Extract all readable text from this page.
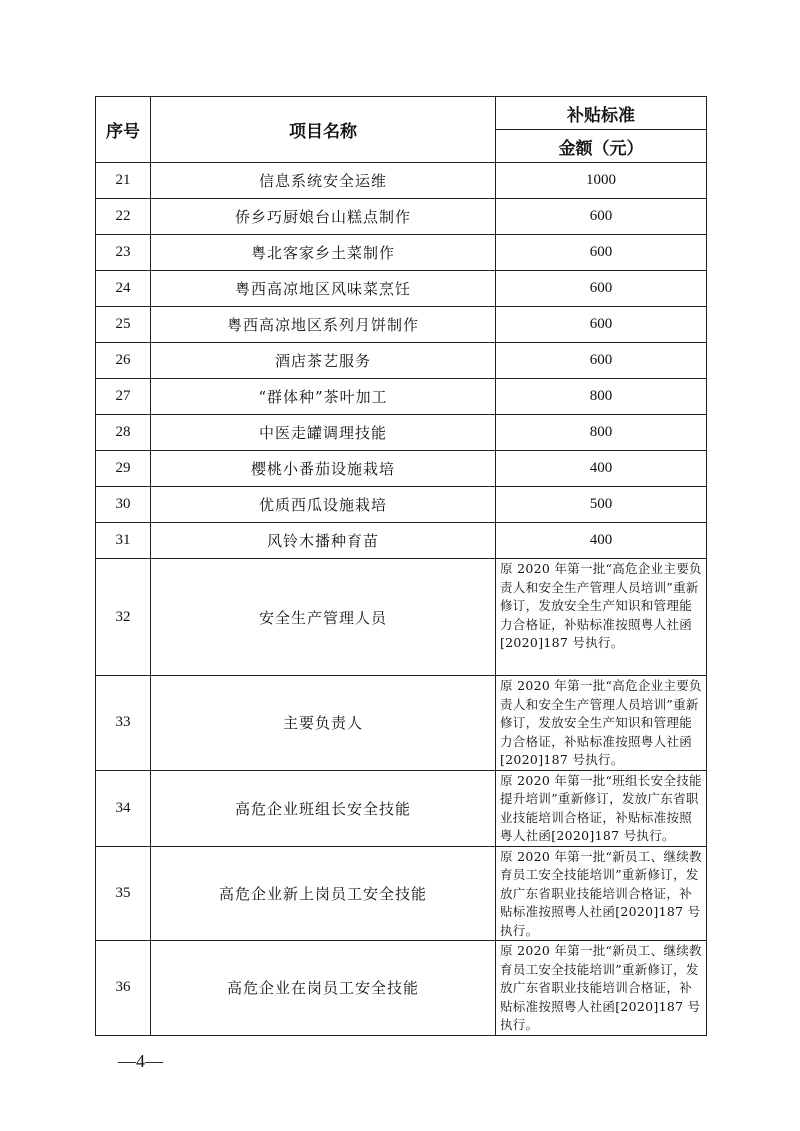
序号	项目名称	补贴标准
		金额（元）
21	信息系统安全运维	1000
22	侨乡巧厨娘台山糕点制作	600
23	粤北客家乡土菜制作	600
24	粤西高凉地区风味菜烹饪	600
25	粤西高凉地区系列月饼制作	600
26	酒店茶艺服务	600
27	“群体种”茶叶加工	800
28	中医走罐调理技能	800
29	樱桃小番茄设施栽培	400
30	优质西瓜设施栽培	500
31	风铃木播种育苗	400
32	安全生产管理人员	原 2020 年第一批“高危企业主要负责人和安全生产管理人员培训”重新修订，发放安全生产知识和管理能力合格证，补贴标准按照粤人社函[2020]187 号执行。
33	主要负责人	原 2020 年第一批“高危企业主要负责人和安全生产管理人员培训”重新修订，发放安全生产知识和管理能力合格证，补贴标准按照粤人社函[2020]187 号执行。
34	高危企业班组长安全技能	原 2020 年第一批“班组长安全技能提升培训”重新修订，发放广东省职业技能培训合格证，补贴标准按照粤人社函[2020]187 号执行。
35	高危企业新上岗员工安全技能	原 2020 年第一批“新员工、继续教育员工安全技能培训”重新修订，发放广东省职业技能培训合格证，补贴标准按照粤人社函[2020]187 号执行。
36	高危企业在岗员工安全技能	原 2020 年第一批“新员工、继续教育员工安全技能培训”重新修订，发放广东省职业技能培训合格证，补贴标准按照粤人社函[2020]187 号执行。
—4—
